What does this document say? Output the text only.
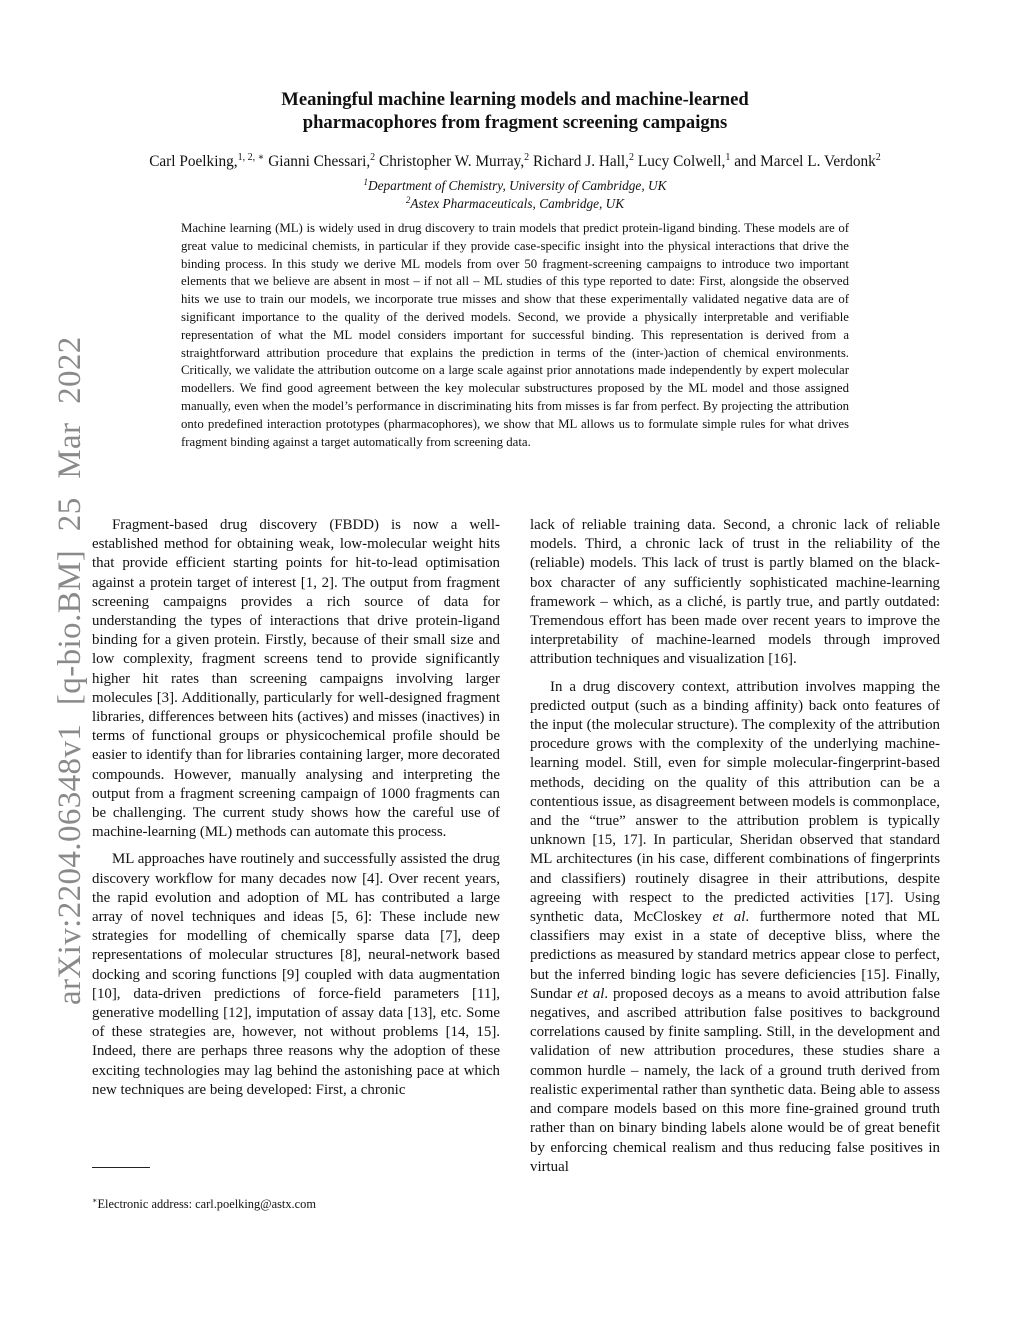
arXiv:2204.06348v1 [q-bio.BM] 25 Mar 2022
Meaningful machine learning models and machine-learned
pharmacophores from fragment screening campaigns
Carl Poelking,$^{1, 2, ∗}$ Gianni Chessari,$^2$ Christopher W. Murray,$^2$ Richard J. Hall,$^2$ Lucy Colwell,$^1$ and Marcel L. Verdonk$^2$
$^1$Department of Chemistry, University of Cambridge, UK
$^2$Astex Pharmaceuticals, Cambridge, UK
Machine learning (ML) is widely used in drug discovery to train models that predict protein-ligand binding. These models are of great value to medicinal chemists, in particular if they provide case-specific insight into the physical interactions that drive the binding process. In this study we derive ML models from over 50 fragment-screening campaigns to introduce two important elements that we believe are absent in most – if not all – ML studies of this type reported to date: First, alongside the observed hits we use to train our models, we incorporate true misses and show that these experimentally validated negative data are of significant importance to the quality of the derived models. Second, we provide a physically interpretable and verifiable representation of what the ML model considers important for successful binding. This representation is derived from a straightforward attribution procedure that explains the prediction in terms of the (inter-)action of chemical environments. Critically, we validate the attribution outcome on a large scale against prior annotations made independently by expert molecular modellers. We find good agreement between the key molecular substructures proposed by the ML model and those assigned manually, even when the model’s performance in discriminating hits from misses is far from perfect. By projecting the attribution onto predefined interaction prototypes (pharmacophores), we show that ML allows us to formulate simple rules for what drives fragment binding against a target automatically from screening data.

Fragment-based drug discovery (FBDD) is now a well-established method for obtaining weak, low-molecular weight hits that provide efficient starting points for hit-to-lead optimisation against a protein target of interest [1, 2]. The output from fragment screening campaigns provides a rich source of data for understanding the types of interactions that drive protein-ligand binding for a given protein. Firstly, because of their small size and low complexity, fragment screens tend to provide significantly higher hit rates than screening campaigns involving larger molecules [3]. Additionally, particularly for well-designed fragment libraries, differences between hits (actives) and misses (inactives) in terms of functional groups or physicochemical profile should be easier to identify than for libraries containing larger, more decorated compounds. However, manually analysing and interpreting the output from a fragment screening campaign of 1000 fragments can be challenging. The current study shows how the careful use of machine-learning (ML) methods can automate this process.

ML approaches have routinely and successfully assisted the drug discovery workflow for many decades now [4]. Over recent years, the rapid evolution and adoption of ML has contributed a large array of novel techniques and ideas [5, 6]: These include new strategies for modelling of chemically sparse data [7], deep representations of molecular structures [8], neural-network based docking and scoring functions [9] coupled with data augmentation [10], data-driven predictions of force-field parameters [11], generative modelling [12], imputation of assay data [13], etc. Some of these strategies are, however, not without problems [14, 15]. Indeed, there are perhaps three reasons why the adoption of these exciting technologies may lag behind the astonishing pace at which new techniques are being developed: First, a chronic

lack of reliable training data. Second, a chronic lack of reliable models. Third, a chronic lack of trust in the reliability of the (reliable) models. This lack of trust is partly blamed on the black-box character of any sufficiently sophisticated machine-learning framework – which, as a cliché, is partly true, and partly outdated: Tremendous effort has been made over recent years to improve the interpretability of machine-learned models through improved attribution techniques and visualization [16].

In a drug discovery context, attribution involves mapping the predicted output (such as a binding affinity) back onto features of the input (the molecular structure). The complexity of the attribution procedure grows with the complexity of the underlying machine-learning model. Still, even for simple molecular-fingerprint-based methods, deciding on the quality of this attribution can be a contentious issue, as disagreement between models is commonplace, and the “true” answer to the attribution problem is typically unknown [15, 17]. In particular, Sheridan observed that standard ML architectures (in his case, different combinations of fingerprints and classifiers) routinely disagree in their attributions, despite agreeing with respect to the predicted activities [17]. Using synthetic data, McCloskey et al. furthermore noted that ML classifiers may exist in a state of deceptive bliss, where the predictions as measured by standard metrics appear close to perfect, but the inferred binding logic has severe deficiencies [15]. Finally, Sundar et al. proposed decoys as a means to avoid attribution false negatives, and ascribed attribution false positives to background correlations caused by finite sampling. Still, in the development and validation of new attribution procedures, these studies share a common hurdle – namely, the lack of a ground truth derived from realistic experimental rather than synthetic data. Being able to assess and compare models based on this more fine-grained ground truth rather than on binary binding labels alone would be of great benefit by enforcing chemical realism and thus reducing false positives in virtual

∗Electronic address: carl.poelking@astx.com
